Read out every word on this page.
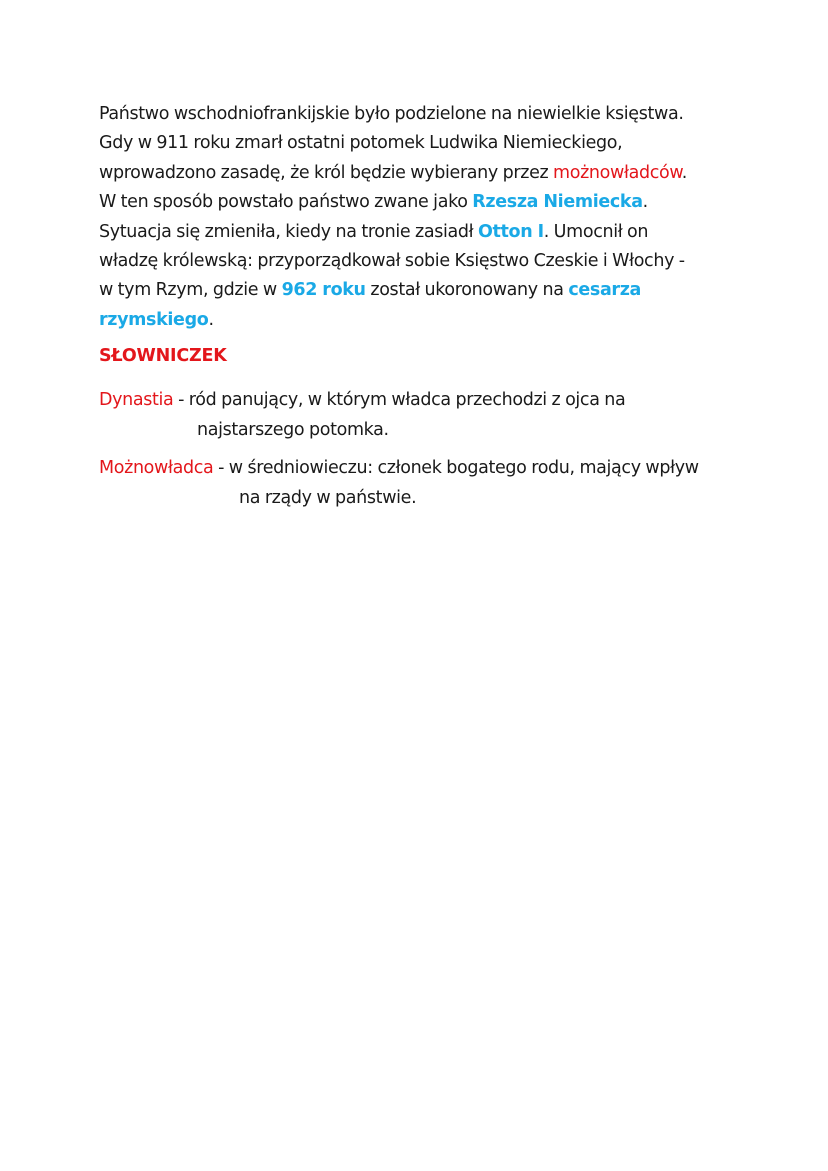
Państwo wschodniofrankijskie było podzielone na niewielkie księstwa.
Gdy w 911 roku zmarł ostatni potomek Ludwika Niemieckiego,
wprowadzono zasadę, że król będzie wybierany przez możnowładców.
W ten sposób powstało państwo zwane jako Rzesza Niemiecka.
Sytuacja się zmieniła, kiedy na tronie zasiadł Otton I. Umocnił on
władzę królewską: przyporządkował sobie Księstwo Czeskie i Włochy -
w tym Rzym, gdzie w 962 roku został ukoronowany na cesarza
rzymskiego.
SŁOWNICZEK
Dynastia - ród panujący, w którym władca przechodzi z ojca na
najstarszego potomka.
Możnowładca - w średniowieczu: członek bogatego rodu, mający wpływ
na rządy w państwie.
